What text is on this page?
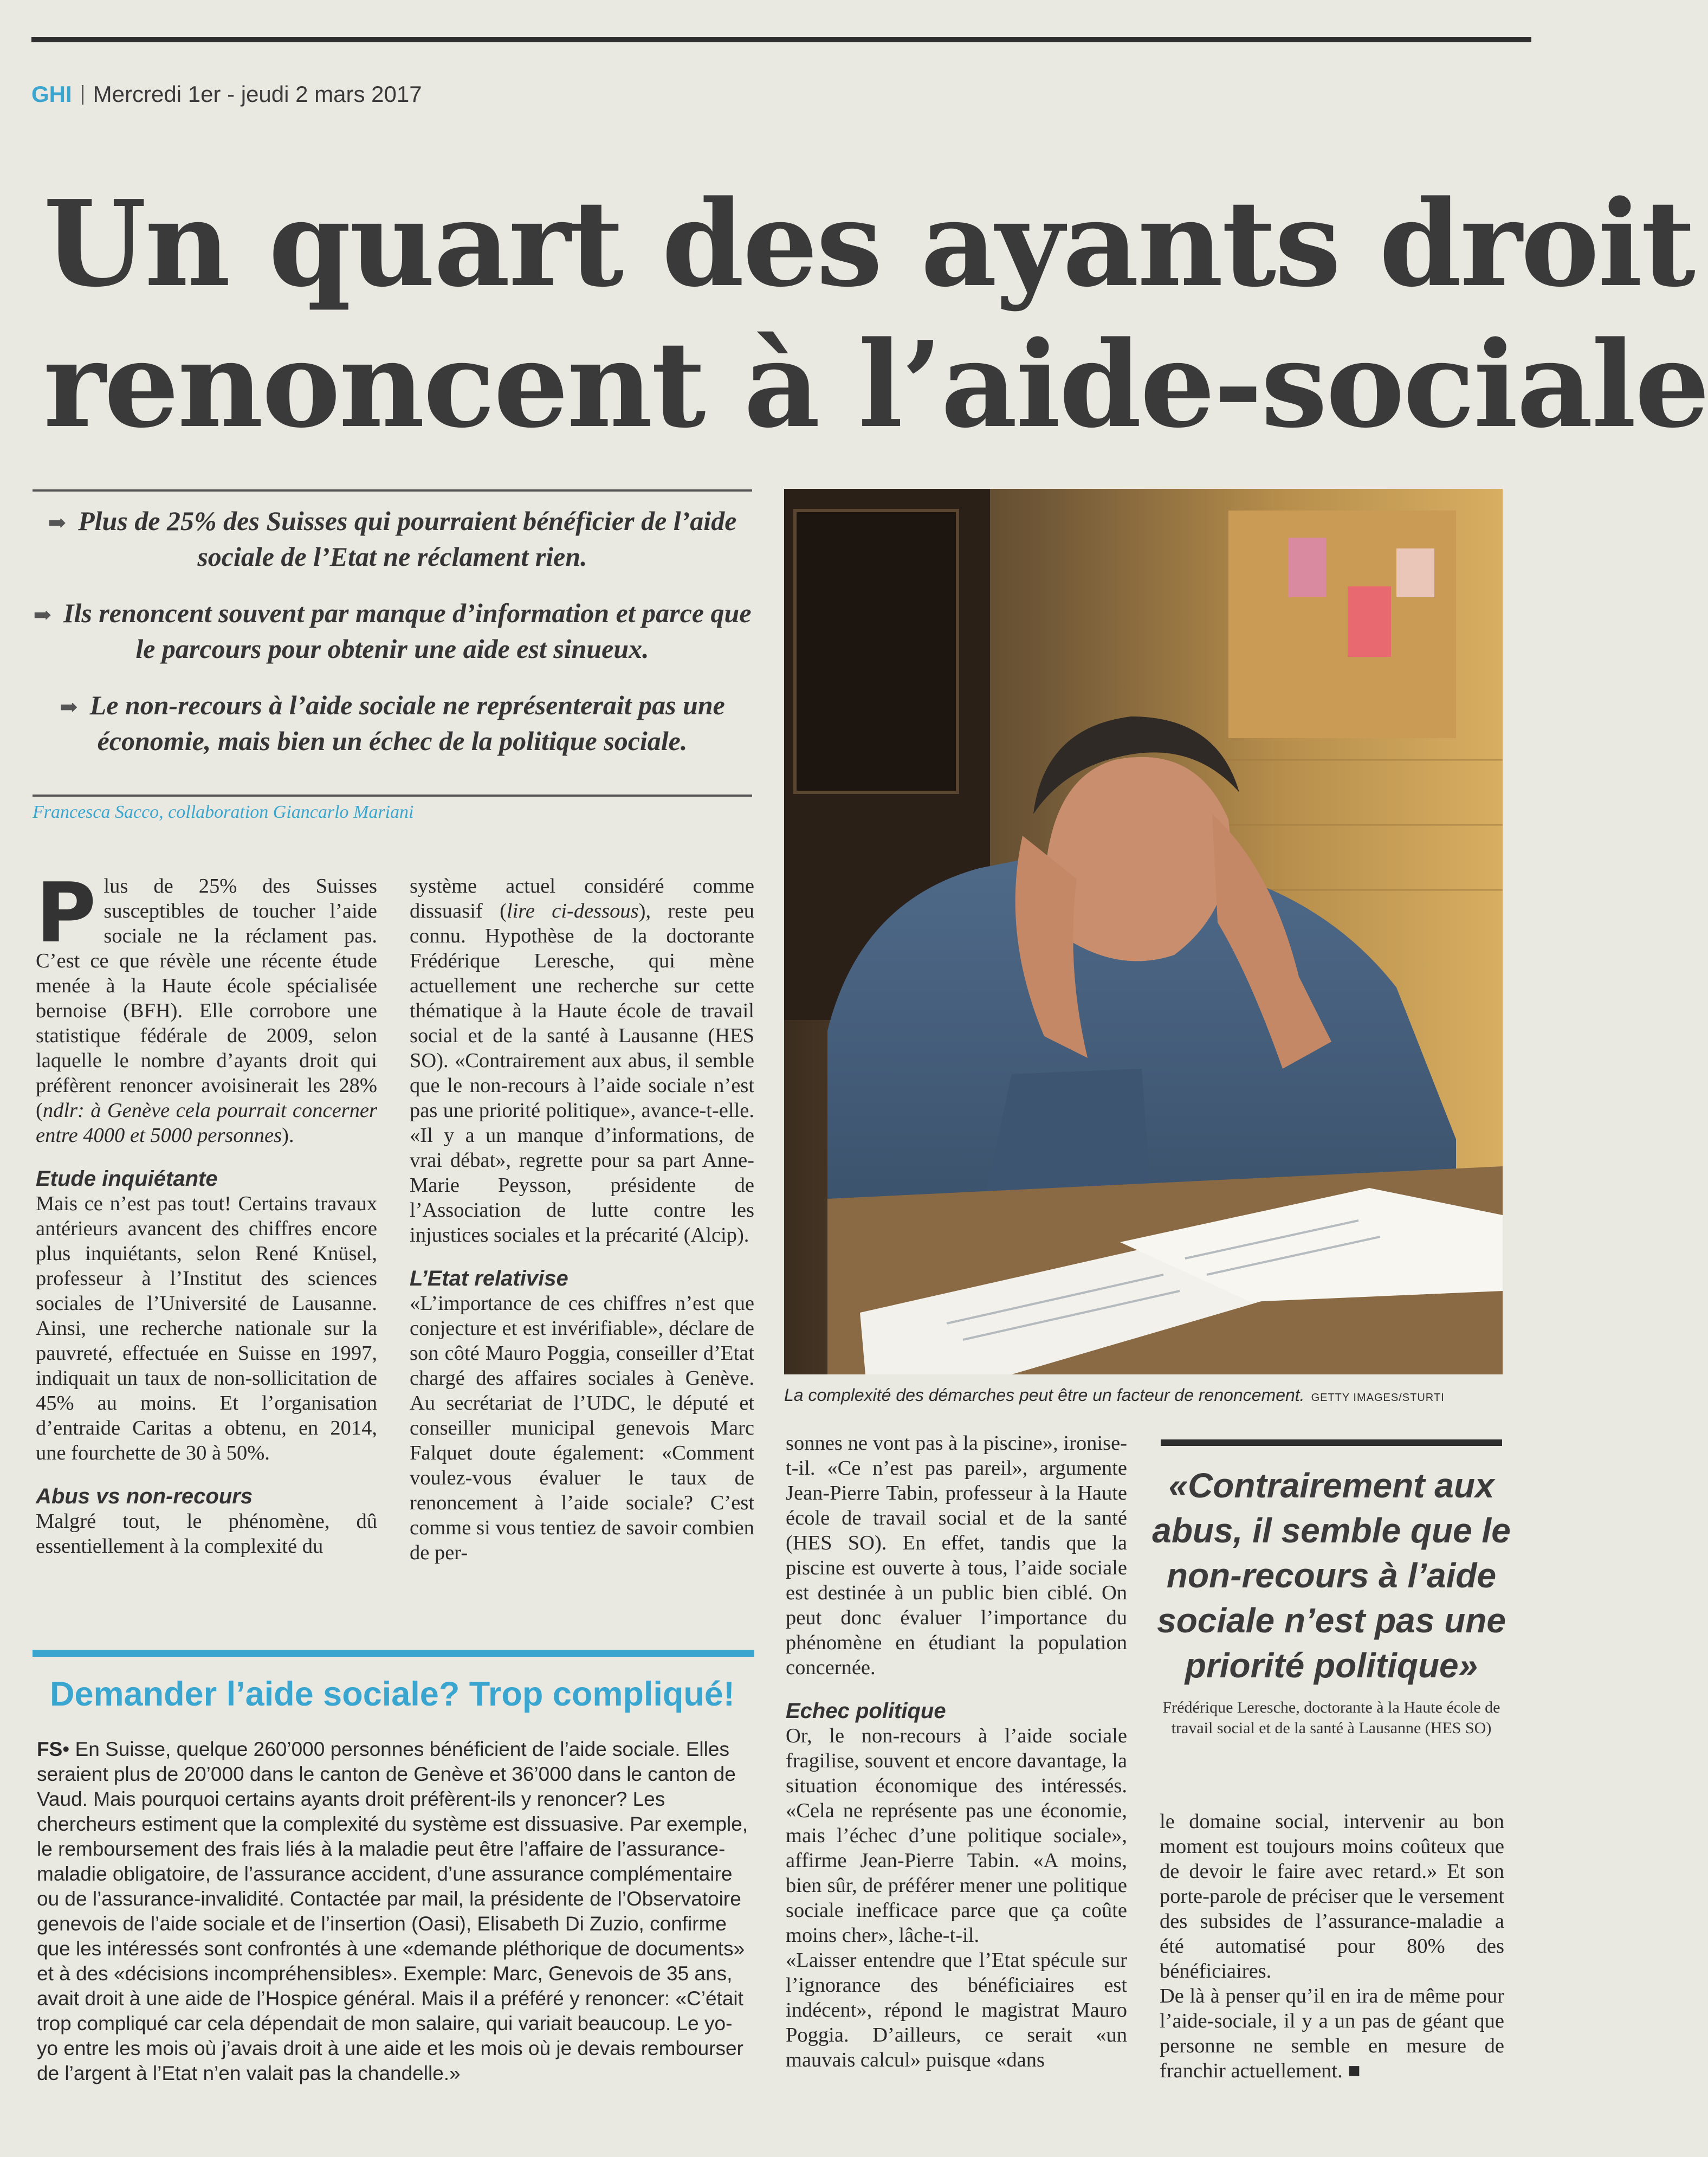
GHI Mercredi 1er - jeudi 2 mars 2017
Un quart des ayants droit
renoncent à l’aide-sociale

➡ Plus de 25% des Suisses qui pourraient bénéficier de l’aide sociale de l’Etat ne réclament rien.

➡ Ils renoncent souvent par manque d’information et parce que le parcours pour obtenir une aide est sinueux.

➡ Le non-recours à l’aide sociale ne représenterait pas une économie, mais bien un échec de la politique sociale.

Francesca Sacco, collaboration Giancarlo Mariani

Plus de 25% des Suisses susceptibles de toucher l’aide sociale ne la réclament pas. C’est ce que révèle une récente étude menée à la Haute école spécialisée bernoise (BFH). Elle corrobore une statistique fédérale de 2009, selon laquelle le nombre d’ayants droit qui préfèrent renoncer avoisinerait les 28% (ndlr: à Genève cela pourrait concerner entre 4000 et 5000 personnes).

Etude inquiétante

Mais ce n’est pas tout! Certains travaux antérieurs avancent des chiffres encore plus inquiétants, selon René Knüsel, professeur à l’Institut des sciences sociales de l’Université de Lausanne. Ainsi, une recherche nationale sur la pauvreté, effectuée en Suisse en 1997, indiquait un taux de non-sollicitation de 45% au moins. Et l’organisation d’entraide Caritas a obtenu, en 2014, une fourchette de 30 à 50%.

Abus vs non-recours

Malgré tout, le phénomène, dû essentiellement à la complexité du

système actuel considéré comme dissuasif (lire ci-dessous), reste peu connu. Hypothèse de la doctorante Frédérique Leresche, qui mène actuellement une recherche sur cette thématique à la Haute école de travail social et de la santé à Lausanne (HES SO). «Contrairement aux abus, il semble que le non-recours à l’aide sociale n’est pas une priorité politique», avance-t-elle. «Il y a un manque d’informations, de vrai débat», regrette pour sa part Anne-Marie Peysson, présidente de l’Association de lutte contre les injustices sociales et la précarité (Alcip).

L’Etat relativise

«L’importance de ces chiffres n’est que conjecture et est invérifiable», déclare de son côté Mauro Poggia, conseiller d’Etat chargé des affaires sociales à Genève. Au secrétariat de l’UDC, le député et conseiller municipal genevois Marc Falquet doute également: «Comment voulez-vous évaluer le taux de renoncement à l’aide sociale? C’est comme si vous tentiez de savoir combien de per-

La complexité des démarches peut être un facteur de renoncement. GETTY IMAGES/STURTI

sonnes ne vont pas à la piscine», ironise-t-il. «Ce n’est pas pareil», argumente Jean-Pierre Tabin, professeur à la Haute école de travail social et de la santé (HES SO). En effet, tandis que la piscine est ouverte à tous, l’aide sociale est destinée à un public bien ciblé. On peut donc évaluer l’importance du phénomène en étudiant la population concernée.

Echec politique

Or, le non-recours à l’aide sociale fragilise, souvent et encore davantage, la situation économique des intéressés. «Cela ne représente pas une économie, mais l’échec d’une politique sociale», affirme Jean-Pierre Tabin. «A moins, bien sûr, de préférer mener une politique sociale inefficace parce que ça coûte moins cher», lâche-t-il.

«Laisser entendre que l’Etat spécule sur l’ignorance des bénéficiaires est indécent», répond le magistrat Mauro Poggia. D’ailleurs, ce serait «un mauvais calcul» puisque «dans

«Contrairement aux abus, il semble que le non-recours à l’aide sociale n’est pas une priorité politique»
Frédérique Leresche, doctorante à la Haute école de travail social et de la santé à Lausanne (HES SO)

le domaine social, intervenir au bon moment est toujours moins coûteux que de devoir le faire avec retard.» Et son porte-parole de préciser que le versement des subsides de l’assurance-maladie a été automatisé pour 80% des bénéficiaires.

De là à penser qu’il en ira de même pour l’aide-sociale, il y a un pas de géant que personne ne semble en mesure de franchir actuellement. ■

Demander l’aide sociale? Trop compliqué!
FS• En Suisse, quelque 260’000 personnes bénéficient de l’aide sociale. Elles seraient plus de 20’000 dans le canton de Genève et 36’000 dans le canton de Vaud. Mais pourquoi certains ayants droit préfèrent-ils y renoncer? Les chercheurs estiment que la complexité du système est dissuasive. Par exemple, le remboursement des frais liés à la maladie peut être l’affaire de l’assurance-maladie obligatoire, de l’assurance accident, d’une assurance complémentaire ou de l’assurance-invalidité. Contactée par mail, la présidente de l’Observatoire genevois de l’aide sociale et de l’insertion (Oasi), Elisabeth Di Zuzio, confirme que les intéressés sont confrontés à une «demande pléthorique de documents» et à des «décisions incompréhensibles». Exemple: Marc, Genevois de 35 ans, avait droit à une aide de l’Hospice général. Mais il a préféré y renoncer: «C’était trop compliqué car cela dépendait de mon salaire, qui variait beaucoup. Le yo-yo entre les mois où j’avais droit à une aide et les mois où je devais rembourser de l’argent à l’Etat n’en valait pas la chandelle.»
